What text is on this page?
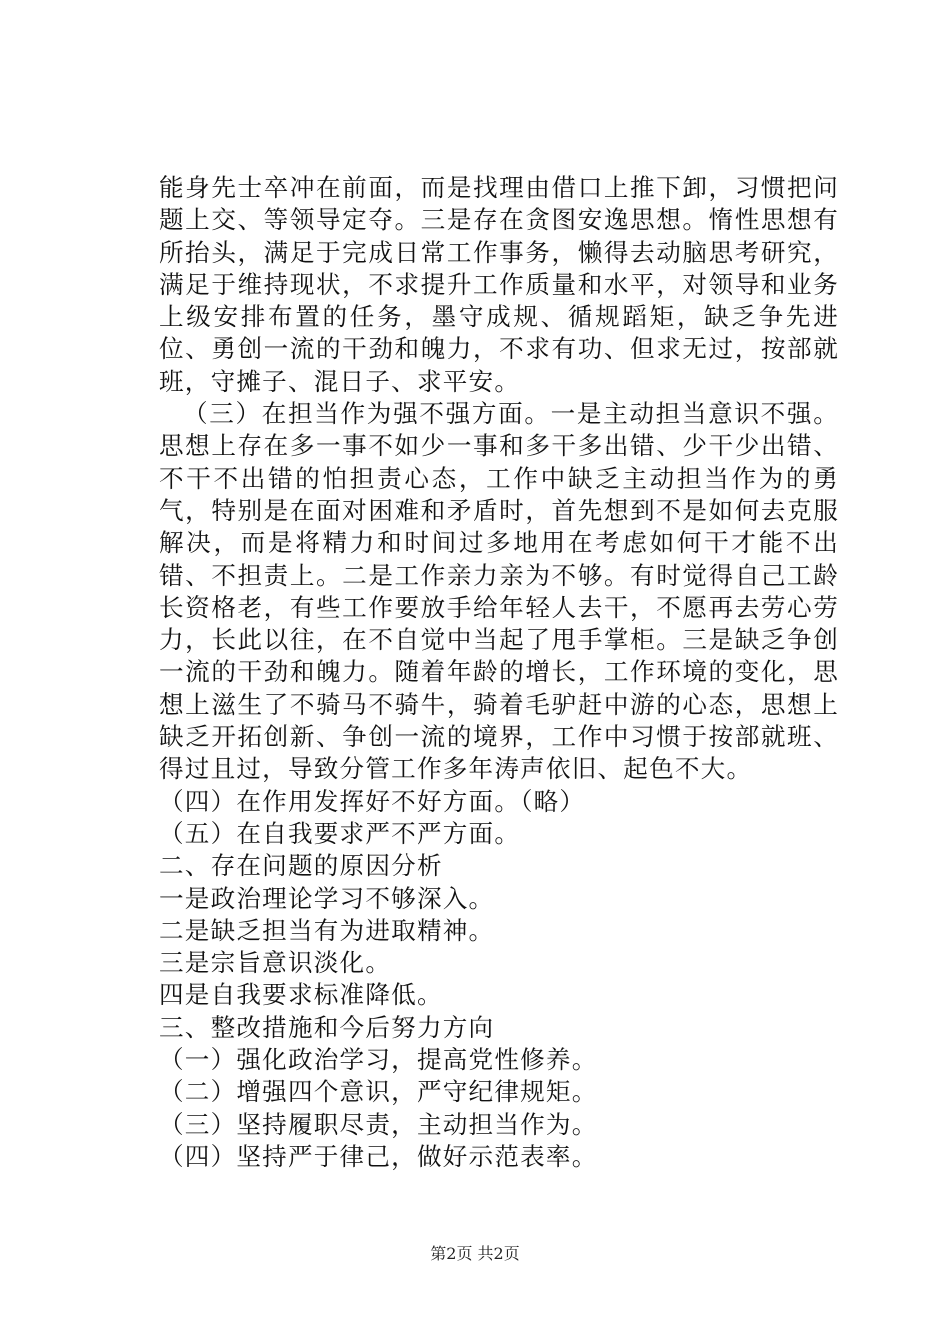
能身先士卒冲在前面，而是找理由借口上推下卸，习惯把问题上交、等领导定夺。三是存在贪图安逸思想。惰性思想有所抬头，满足于完成日常工作事务，懒得去动脑思考研究，满足于维持现状，不求提升工作质量和水平，对领导和业务上级安排布置的任务，墨守成规、循规蹈矩，缺乏争先进位、勇创一流的干劲和魄力，不求有功、但求无过，按部就班，守摊子、混日子、求平安。

（三）在担当作为强不强方面。一是主动担当意识不强。思想上存在多一事不如少一事和多干多出错、少干少出错、不干不出错的怕担责心态，工作中缺乏主动担当作为的勇气，特别是在面对困难和矛盾时，首先想到不是如何去克服解决，而是将精力和时间过多地用在考虑如何干才能不出错、不担责上。二是工作亲力亲为不够。有时觉得自己工龄长资格老，有些工作要放手给年轻人去干，不愿再去劳心劳力，长此以往，在不自觉中当起了甩手掌柜。三是缺乏争创一流的干劲和魄力。随着年龄的增长，工作环境的变化，思想上滋生了不骑马不骑牛，骑着毛驴赶中游的心态，思想上缺乏开拓创新、争创一流的境界，工作中习惯于按部就班、得过且过，导致分管工作多年涛声依旧、起色不大。

（四）在作用发挥好不好方面。（略）

（五）在自我要求严不严方面。

二、存在问题的原因分析

一是政治理论学习不够深入。

二是缺乏担当有为进取精神。

三是宗旨意识淡化。

四是自我要求标准降低。

三、整改措施和今后努力方向

（一）强化政治学习，提高党性修养。

（二）增强四个意识，严守纪律规矩。

（三）坚持履职尽责，主动担当作为。

（四）坚持严于律己，做好示范表率。

第2页 共2页
